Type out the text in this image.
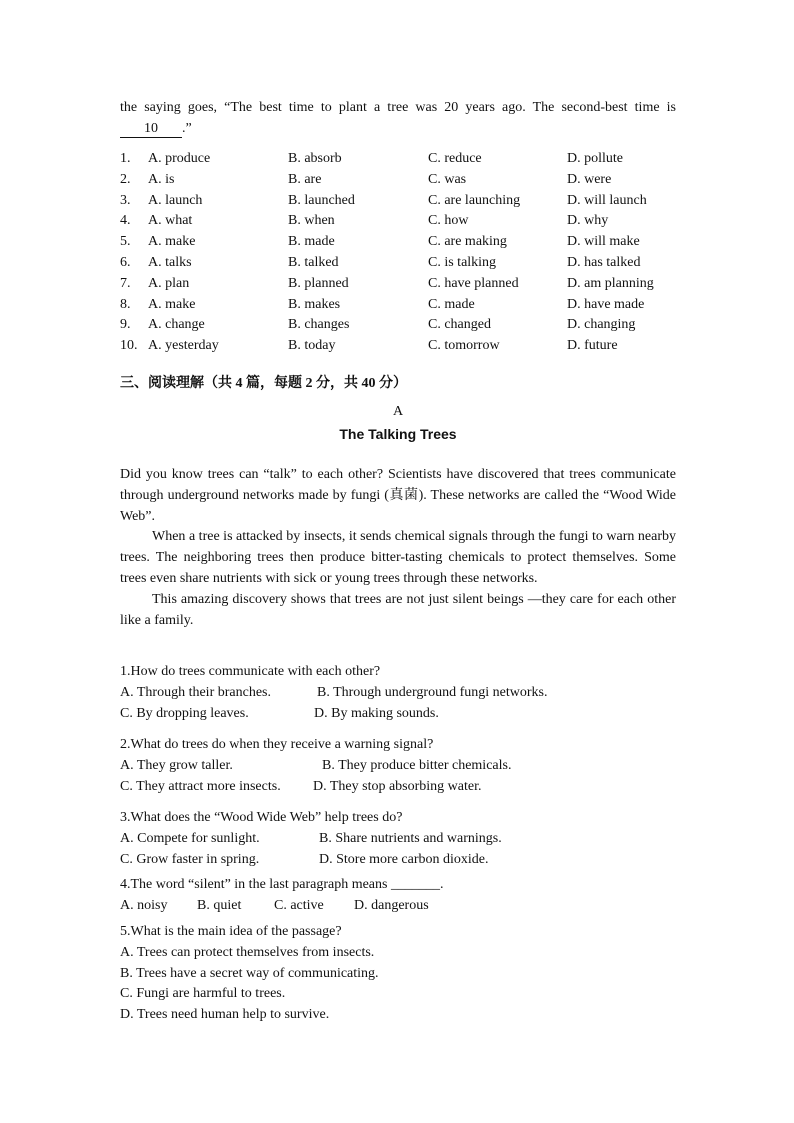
the saying goes, “The best time to plant a tree was 20 years ago. The second-best time is10 .”
1. A. produce	B. absorb	C. reduce	D. pollute
2. A. is	B. are	C. was	D. were
3. A. launch	B. launched	C. are launching	D. will launch
4. A. what	B. when	C. how	D. why
5. A. make	B. made	C. are making	D. will make
6. A. talks	B. talked	C. is talking	D. has talked
7. A. plan	B. planned	C. have planned	D. am planning
8. A. make	B. makes	C. made	D. have made
9. A. change	B. changes	C. changed	D. changing
10. A. yesterday	B. today	C. tomorrow	D. future
三、阅读理解（共 4 篇，每题 2 分，共 40 分）
A
The Talking Trees

Did you know trees can “talk” to each other? Scientists have discovered that trees communicate through underground networks made by fungi (真菌). These networks are called the “Wood Wide Web”.

When a tree is attacked by insects, it sends chemical signals through the fungi to warn nearby trees. The neighboring trees then produce bitter-tasting chemicals to protect themselves. Some trees even share nutrients with sick or young trees through these networks.

This amazing discovery shows that trees are not just silent beings —they care for each other like a family.

1.How do trees communicate with each other?
A. Through their branches.	B. Through underground fungi networks.
C. By dropping leaves.	D. By making sounds.
2.What do trees do when they receive a warning signal?
A. They grow taller.	B. They produce bitter chemicals.
C. They attract more insects. D. They stop absorbing water.
3.What does the “Wood Wide Web” help trees do?
A. Compete for sunlight.	B. Share nutrients and warnings.
C. Grow faster in spring.	D. Store more carbon dioxide.
4.The word “silent” in the last paragraph means _______.
A. noisy B. quiet C. active D. dangerous
5.What is the main idea of the passage?
A. Trees can protect themselves from insects.
B. Trees have a secret way of communicating.
C. Fungi are harmful to trees.
D. Trees need human help to survive.
